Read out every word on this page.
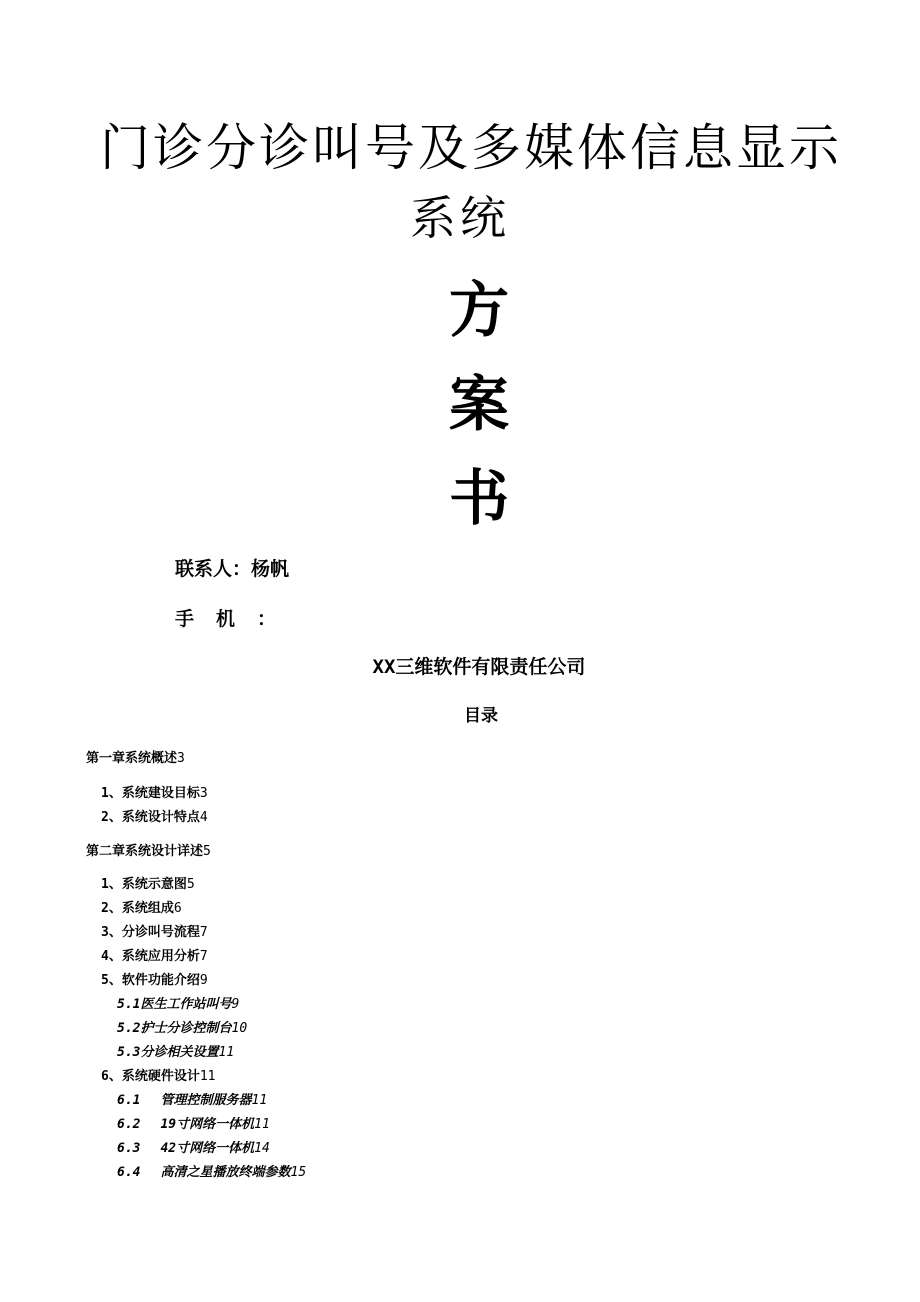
门诊分诊叫号及多媒体信息显示
系统
方
案
书
联系人：杨帆
手机：
XX三维软件有限责任公司
目录
第一章系统概述3
1、系统建设目标3
2、系统设计特点4
第二章系统设计详述5
1、系统示意图5
2、系统组成6
3、分诊叫号流程7
4、系统应用分析7
5、软件功能介绍9
5.1医生工作站叫号9
5.2护士分诊控制台10
5.3分诊相关设置11
6、系统硬件设计11
6.1 管理控制服务器11
6.2 19寸网络一体机11
6.3 42寸网络一体机14
6.4 高清之星播放终端参数15
